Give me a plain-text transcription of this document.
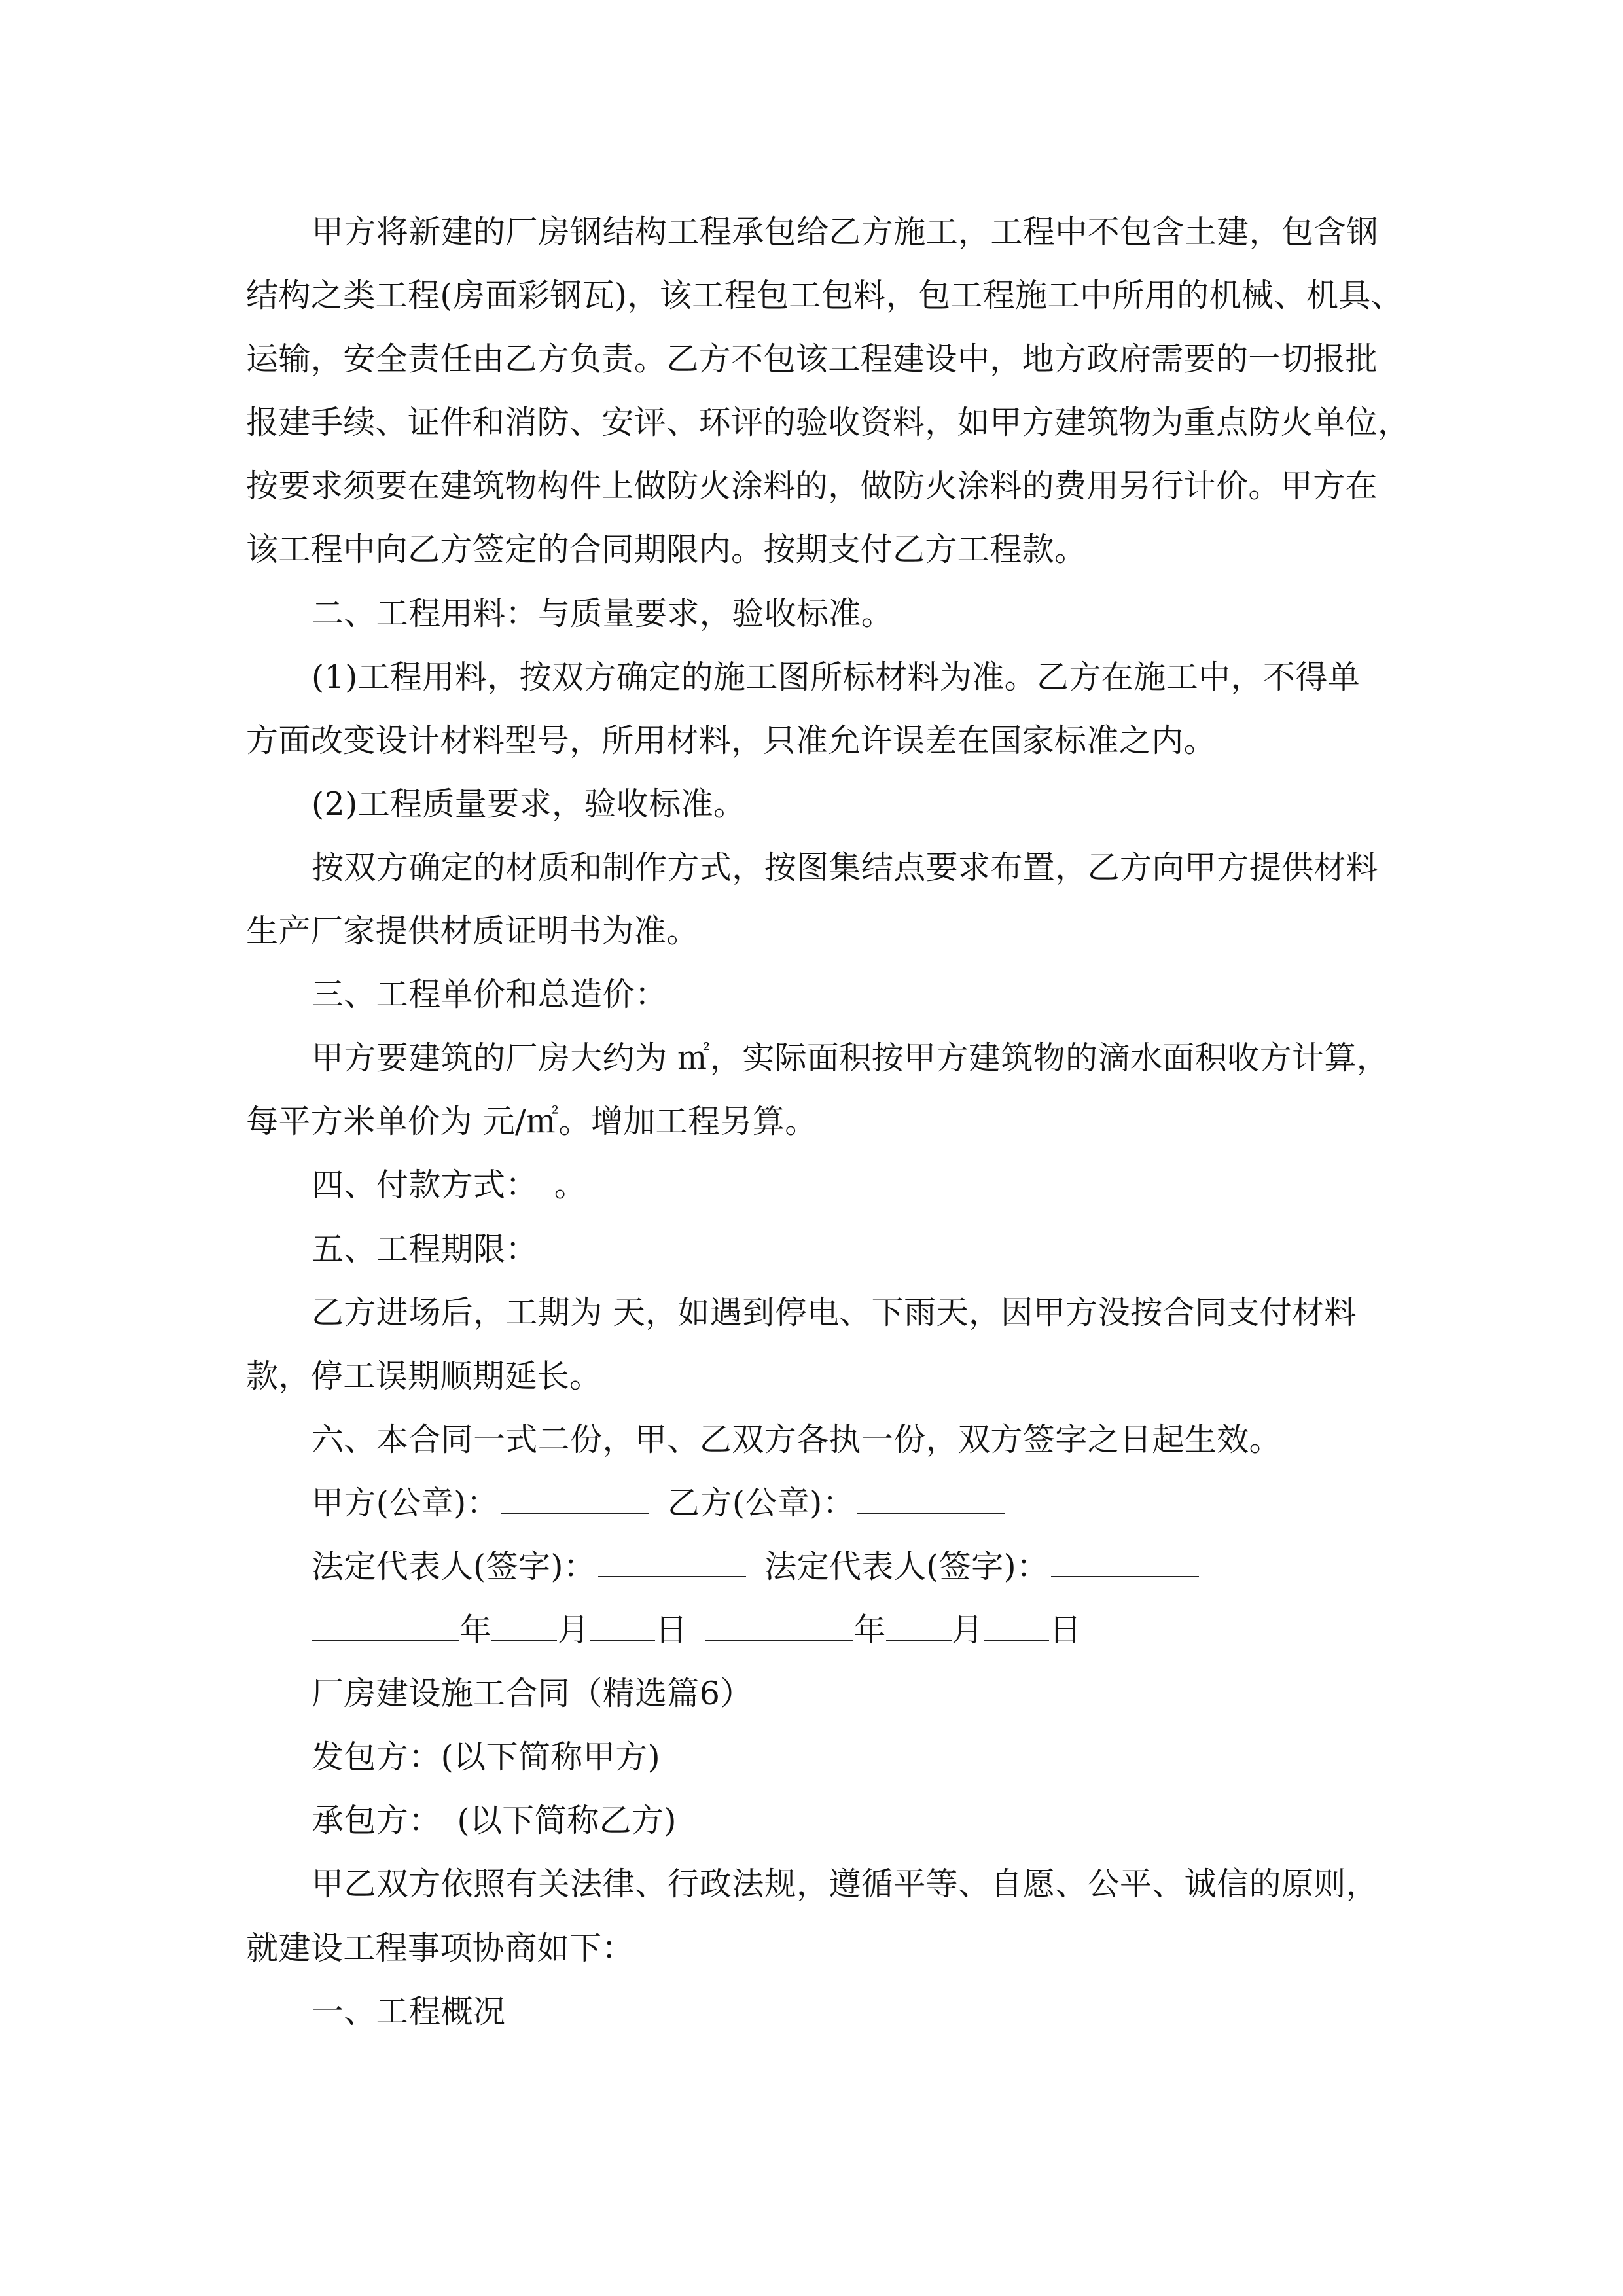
甲方将新建的厂房钢结构工程承包给乙方施工，工程中不包含土建，包含钢
结构之类工程(房面彩钢瓦)，该工程包工包料，包工程施工中所用的机械、机具、
运输，安全责任由乙方负责。乙方不包该工程建设中，地方政府需要的一切报批
报建手续、证件和消防、安评、环评的验收资料，如甲方建筑物为重点防火单位，
按要求须要在建筑物构件上做防火涂料的，做防火涂料的费用另行计价。甲方在
该工程中向乙方签定的合同期限内。按期支付乙方工程款。
二、工程用料：与质量要求，验收标准。
(1)工程用料，按双方确定的施工图所标材料为准。乙方在施工中，不得单
方面改变设计材料型号，所用材料，只准允许误差在国家标准之内。
(2)工程质量要求，验收标准。
按双方确定的材质和制作方式，按图集结点要求布置，乙方向甲方提供材料
生产厂家提供材质证明书为准。
三、工程单价和总造价：
甲方要建筑的厂房大约为 ㎡，实际面积按甲方建筑物的滴水面积收方计算，
每平方米单价为 元/㎡。增加工程另算。
四、付款方式：　。
五、工程期限：
乙方进场后，工期为 天，如遇到停电、下雨天，因甲方没按合同支付材料
款，停工误期顺期延长。
六、本合同一式二份，甲、乙双方各执一份，双方签字之日起生效。
甲方(公章)：	乙方(公章)：
法定代表人(签字)：	法定代表人(签字)：
年 月 日	年 月 日
厂房建设施工合同（精选篇6）
发包方：(以下简称甲方)
承包方：　(以下简称乙方)
甲乙双方依照有关法律、行政法规，遵循平等、自愿、公平、诚信的原则，
就建设工程事项协商如下：
一、工程概况
